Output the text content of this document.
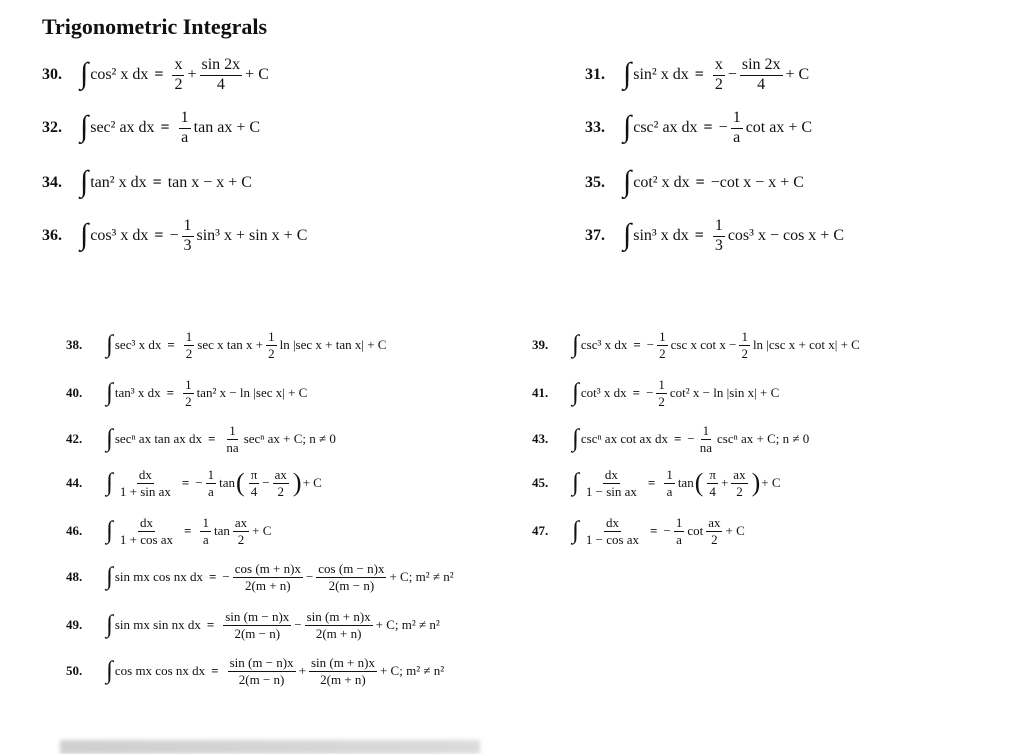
Trigonometric Integrals
30. ∫ cos² x dx = $\frac{x}{2} + \frac{\sin 2x}{4} + C$	31. ∫ sin² x dx = $\frac{x}{2} - \frac{\sin 2x}{4} + C$
32. ∫ sec² ax dx = $\frac{1}{a}$ tan ax + C	33. ∫ csc² ax dx = − $\frac{1}{a}$ cot ax + C
34. ∫ tan² x dx = tan x − x + C	35. ∫ cot² x dx = −cot x − x + C
36. ∫ cos³ x dx = − $\frac{1}{3} \sin^3$ x + sin x + C	37. ∫ sin³ x dx = $\frac{1}{3} \cos^3$ x − cos x + C
38. ∫ sec³ x dx = $\frac{1}{2}$ sec x $\tan x + \frac{1}{2}$ ln |sec x + tan x| + C	39. ∫ csc³ x dx = − $\frac{1}{2}$ csc x $\cot x - \frac{1}{2}$ ln |csc x + cot x| + C
40. ∫ tan³ x dx = $\frac{1}{2} \tan^2$ x − ln |sec x| + C	41. ∫ cot³ x dx = − $\frac{1}{2} \cot^2$ x − ln |sin x| + C
42. ∫ secⁿ ax tan ax dx = $\frac{1}{na}$ secⁿ ax + C; n ≠ 0	43. ∫ cscⁿ ax cot ax dx = − $\frac{1}{na}$ cscⁿ ax + C; n ≠ 0
44. ∫ $\frac{dx}{\text{1 + sin ax}}$ = − $\frac{1}{a}$ tan ( $\frac{\pi}{4} - \frac{ax}{2}$ ) + C	45. ∫ $\frac{dx}{\text{1 − sin ax}} = \frac{1}{a}$ tan ( $\frac{\pi}{4} + \frac{ax}{2}$ ) + C
46. ∫ $\frac{dx}{\text{1 + cos ax}} = \frac{1}{a}$ $\tan \frac{ax}{2} + C$	47. ∫ $\frac{dx}{\text{1 − cos ax}}$ = − $\frac{1}{a}$ $\cot \frac{ax}{2} + C$
48. ∫ sin mx cos nx dx = − $\frac{\cos (m + n)x}{2(m + n)} - \frac{\cos (m - n)x}{2(m - n)} + C$; m² ≠ n²
49. ∫ sin mx sin nx dx = $\frac{\sin (m - n)x}{2(m - n)} - \frac{\sin (m + n)x}{2(m + n)} + C$; m² ≠ n²
50. ∫ cos mx cos nx dx = $\frac{\sin (m - n)x}{2(m - n)} + \frac{\sin (m + n)x}{2(m + n)} + C$; m² ≠ n²
